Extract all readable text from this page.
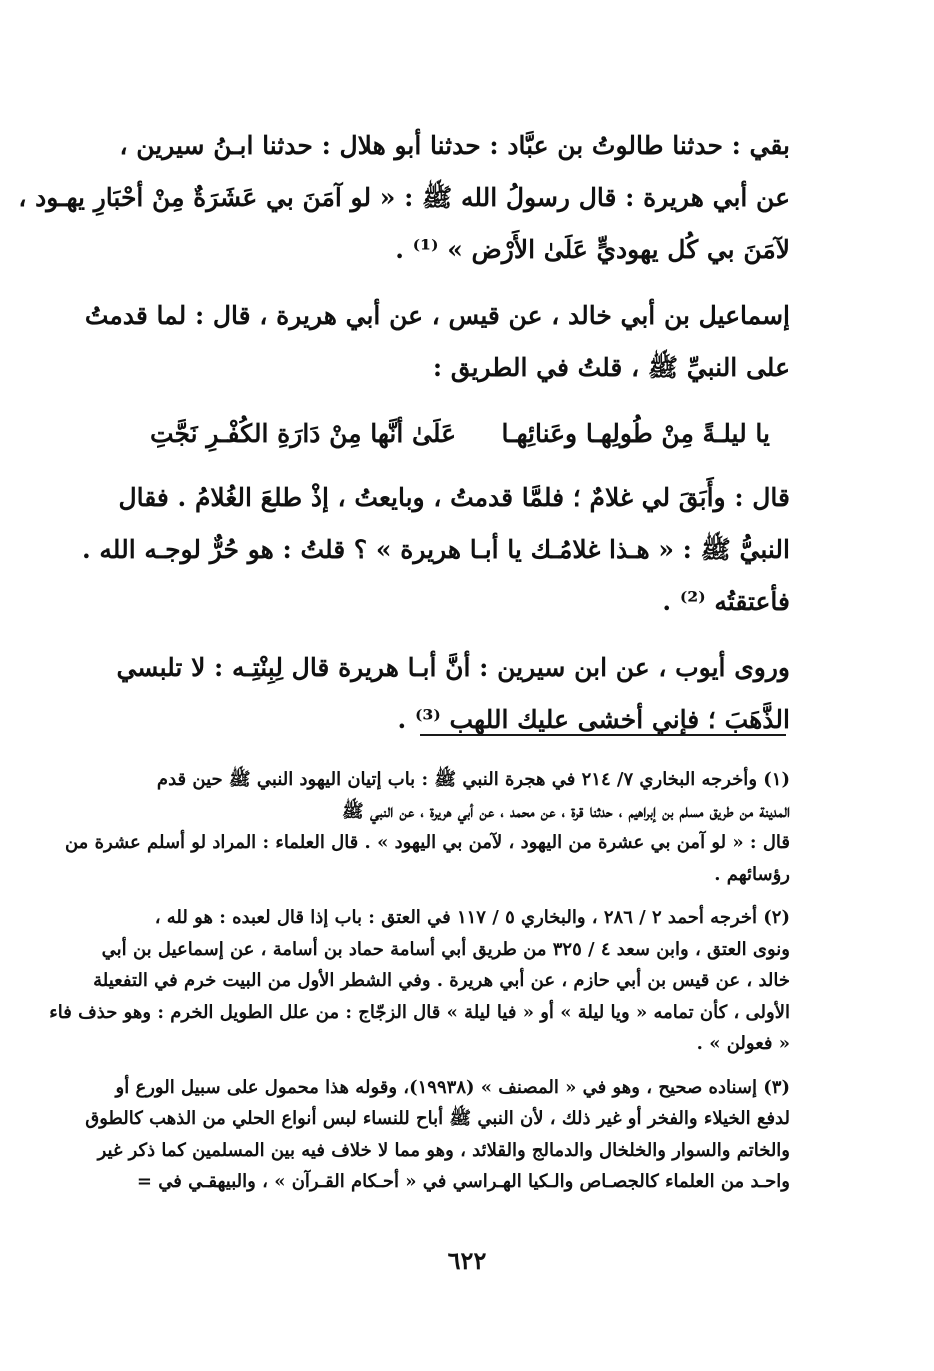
بقي : حدثنا طالوتُ بن عبَّاد : حدثنا أبو هلال : حدثنا ابـنُ سيرين ،
عن أبي هريرة : قال رسولُ الله ﷺ : « لو آمَنَ بي عَشَرَةٌ مِنْ أحْبَارِ يهـود ،
لآمَنَ بي كُل يهوديٍّ عَلَىٰ الأَرْض » ⁽¹⁾ .

إسماعيل بن أبي خالد ، عن قيس ، عن أبي هريرة ، قال : لما قدمتُ
على النبيِّ ﷺ ، قلتُ في الطريق :

يا ليلـةً مِنْ طُولِهـا وعَنائِهـا
عَلَىٰ أنَّها مِنْ دَارَةِ الكُفْـرِ نَجَّتِ

قال : وأَبَقَ لي غلامٌ ؛ فلمَّا قدمتُ ، وبايعتُ ، إذْ طلعَ الغُلامُ . فقال
النبيُّ ﷺ : « هـذا غلامُـك يا أبـا هريرة » ؟ قلتُ : هو حُرٌّ لوجـه الله .
فأعتقتُه ⁽²⁾ .

وروى أيوب ، عن ابن سيرين : أنَّ أبـا هريرة قال لِبِنْتِـه : لا تلبسي
الذَّهَبَ ؛ فإني أخشى عليك اللهب ⁽³⁾ .

(١) وأخرجه البخاري ٧/ ٢١٤ في هجرة النبي ﷺ : باب إتيان اليهود النبي ﷺ حين قدم
المدينة من طريق مسلم بن إبراهيم ، حدثنا قرة ، عن محمد ، عن أبي هريرة ، عن النبي ﷺ
قال : « لو آمن بي عشرة من اليهود ، لآمن بي اليهود » . قال العلماء : المراد لو أسلم عشرة من
رؤسائهم .

(٢) أخرجه أحمد ٢ / ٢٨٦ ، والبخاري ٥ / ١١٧ في العتق : باب إذا قال لعبده : هو لله ،
ونوى العتق ، وابن سعد ٤ / ٣٢٥ من طريق أبي أسامة حماد بن أسامة ، عن إسماعيل بن أبي
خالد ، عن قيس بن أبي حازم ، عن أبي هريرة . وفي الشطر الأول من البيت خرم في التفعيلة
الأولى ، كأن تمامه « ويا ليلة » أو « فيا ليلة » قال الزجّاج : من علل الطويل الخرم : وهو حذف فاء
« فعولن » .

(٣) إسناده صحيح ، وهو في « المصنف » (١٩٩٣٨)، وقوله هذا محمول على سبيل الورع أو
لدفع الخيلاء والفخر أو غير ذلك ، لأن النبي ﷺ أباح للنساء لبس أنواع الحلي من الذهب كالطوق
والخاتم والسوار والخلخال والدمالج والقلائد ، وهو مما لا خلاف فيه بين المسلمين كما ذكر غير
واحـد من العلماء كالجصـاص والـكيا الهـراسي في « أحـكام القـرآن » ، والبيهقـي في =

٦٢٢
